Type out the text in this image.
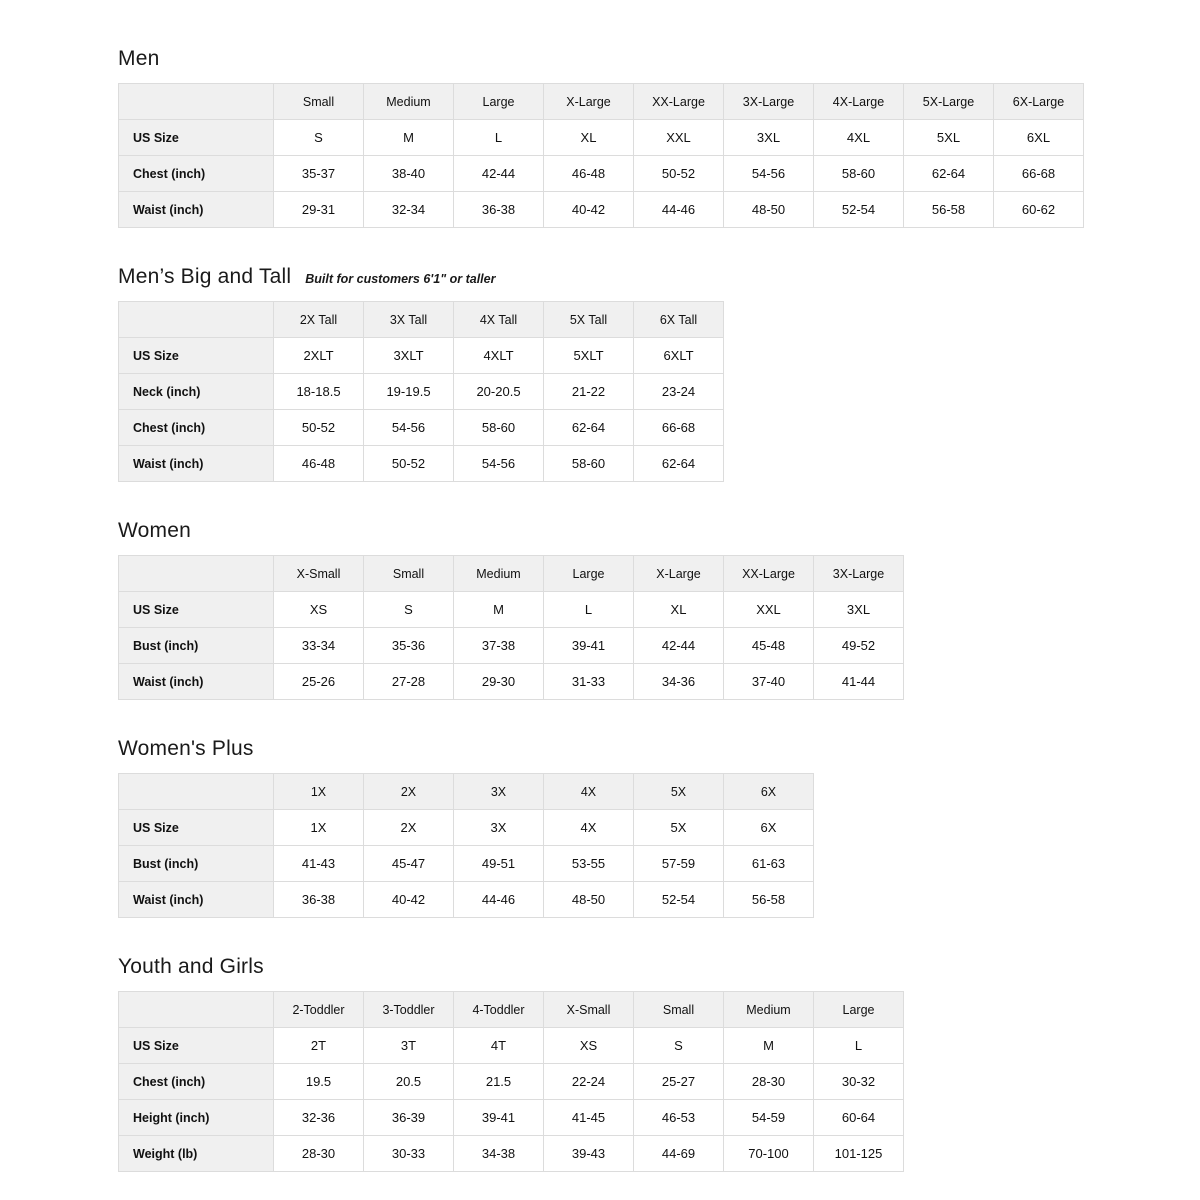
Men
	Small	Medium	Large	X-Large	XX-Large	3X-Large	4X-Large	5X-Large	6X-Large
US Size	S	M	L	XL	XXL	3XL	4XL	5XL	6XL
Chest (inch)	35-37	38-40	42-44	46-48	50-52	54-56	58-60	62-64	66-68
Waist (inch)	29-31	32-34	36-38	40-42	44-46	48-50	52-54	56-58	60-62
Men’s Big and Tall Built for customers 6'1" or taller
	2X Tall	3X Tall	4X Tall	5X Tall	6X Tall
US Size	2XLT	3XLT	4XLT	5XLT	6XLT
Neck (inch)	18-18.5	19-19.5	20-20.5	21-22	23-24
Chest (inch)	50-52	54-56	58-60	62-64	66-68
Waist (inch)	46-48	50-52	54-56	58-60	62-64
Women
	X-Small	Small	Medium	Large	X-Large	XX-Large	3X-Large
US Size	XS	S	M	L	XL	XXL	3XL
Bust (inch)	33-34	35-36	37-38	39-41	42-44	45-48	49-52
Waist (inch)	25-26	27-28	29-30	31-33	34-36	37-40	41-44
Women's Plus
	1X	2X	3X	4X	5X	6X
US Size	1X	2X	3X	4X	5X	6X
Bust (inch)	41-43	45-47	49-51	53-55	57-59	61-63
Waist (inch)	36-38	40-42	44-46	48-50	52-54	56-58
Youth and Girls
	2-Toddler	3-Toddler	4-Toddler	X-Small	Small	Medium	Large
US Size	2T	3T	4T	XS	S	M	L
Chest (inch)	19.5	20.5	21.5	22-24	25-27	28-30	30-32
Height (inch)	32-36	36-39	39-41	41-45	46-53	54-59	60-64
Weight (lb)	28-30	30-33	34-38	39-43	44-69	70-100	101-125
